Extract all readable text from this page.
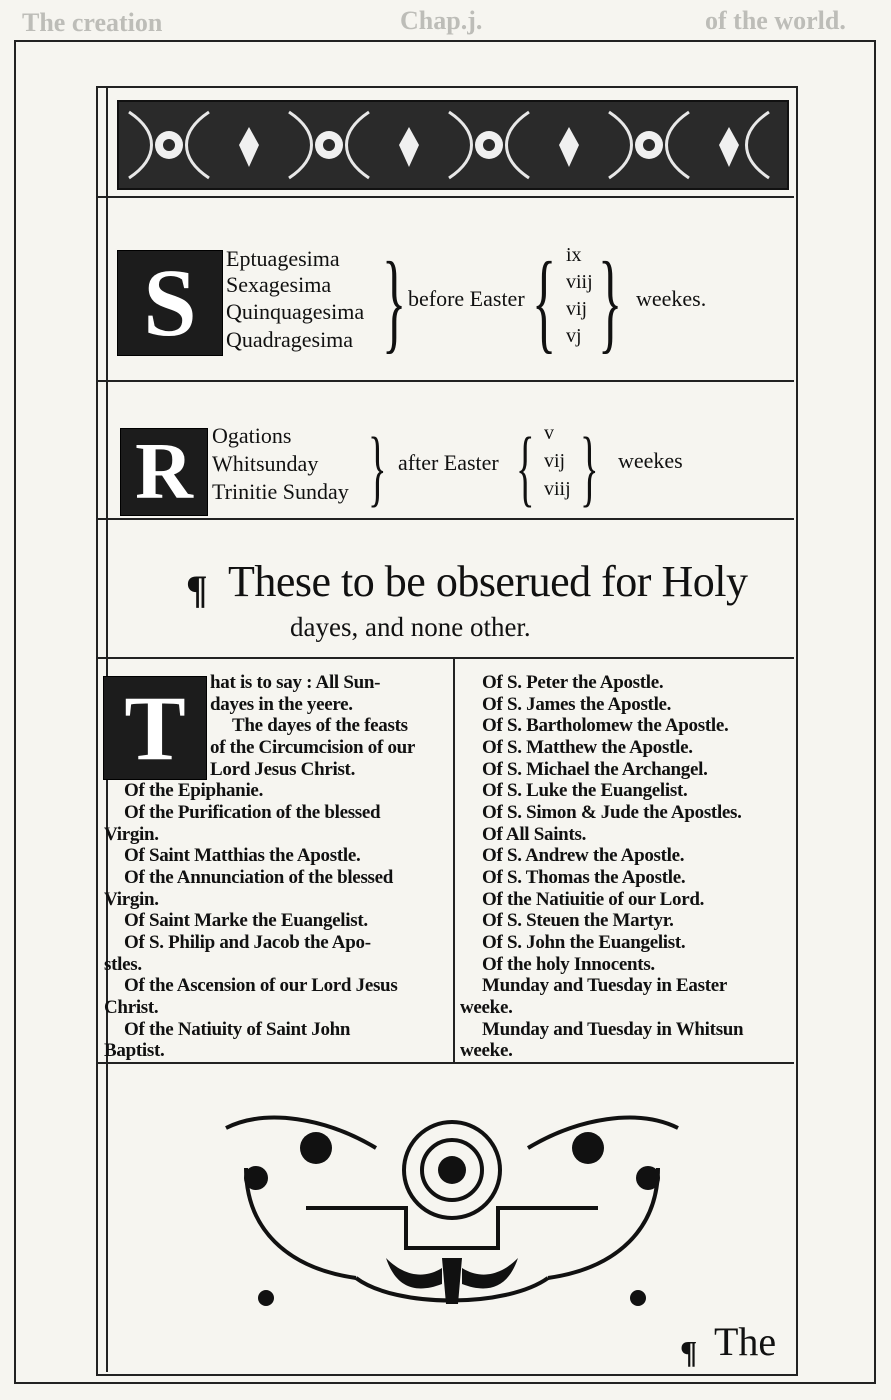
The creation	Chap.j.	of the world.
S	Eptuagesima
Sexagesima
Quinquagesima
Quadragesima } before Easter { ix
viij
vij
vj } weekes.
R Ogations
Whitsunday
Trinitie Sunday } after Easter { v
vij
viij } weekes
¶ These to be obserued for Holy
dayes, and none other.
T	hat is to say : All Sun-
dayes in the yeere.
The dayes of the feasts
of the Circumcision of our
Lord Jesus Christ.
Of the Epiphanie.
Of the Purification of the blessed
Virgin.
Of Saint Matthias the Apostle.
Of the Annunciation of the blessed
Virgin.
Of Saint Marke the Euangelist.
Of S. Philip and Jacob the Apo-
stles.
Of the Ascension of our Lord Jesus
Christ.
Of the Natiuity of Saint John
Baptist.
Of S. Peter the Apostle.
Of S. James the Apostle.
Of S. Bartholomew the Apostle.
Of S. Matthew the Apostle.
Of S. Michael the Archangel.
Of S. Luke the Euangelist.
Of S. Simon & Jude the Apostles.
Of All Saints.
Of S. Andrew the Apostle.
Of S. Thomas the Apostle.
Of the Natiuitie of our Lord.
Of S. Steuen the Martyr.
Of S. John the Euangelist.
Of the holy Innocents.
Munday and Tuesday in Easter
weeke.
Munday and Tuesday in Whitsun
weeke.
¶ The
